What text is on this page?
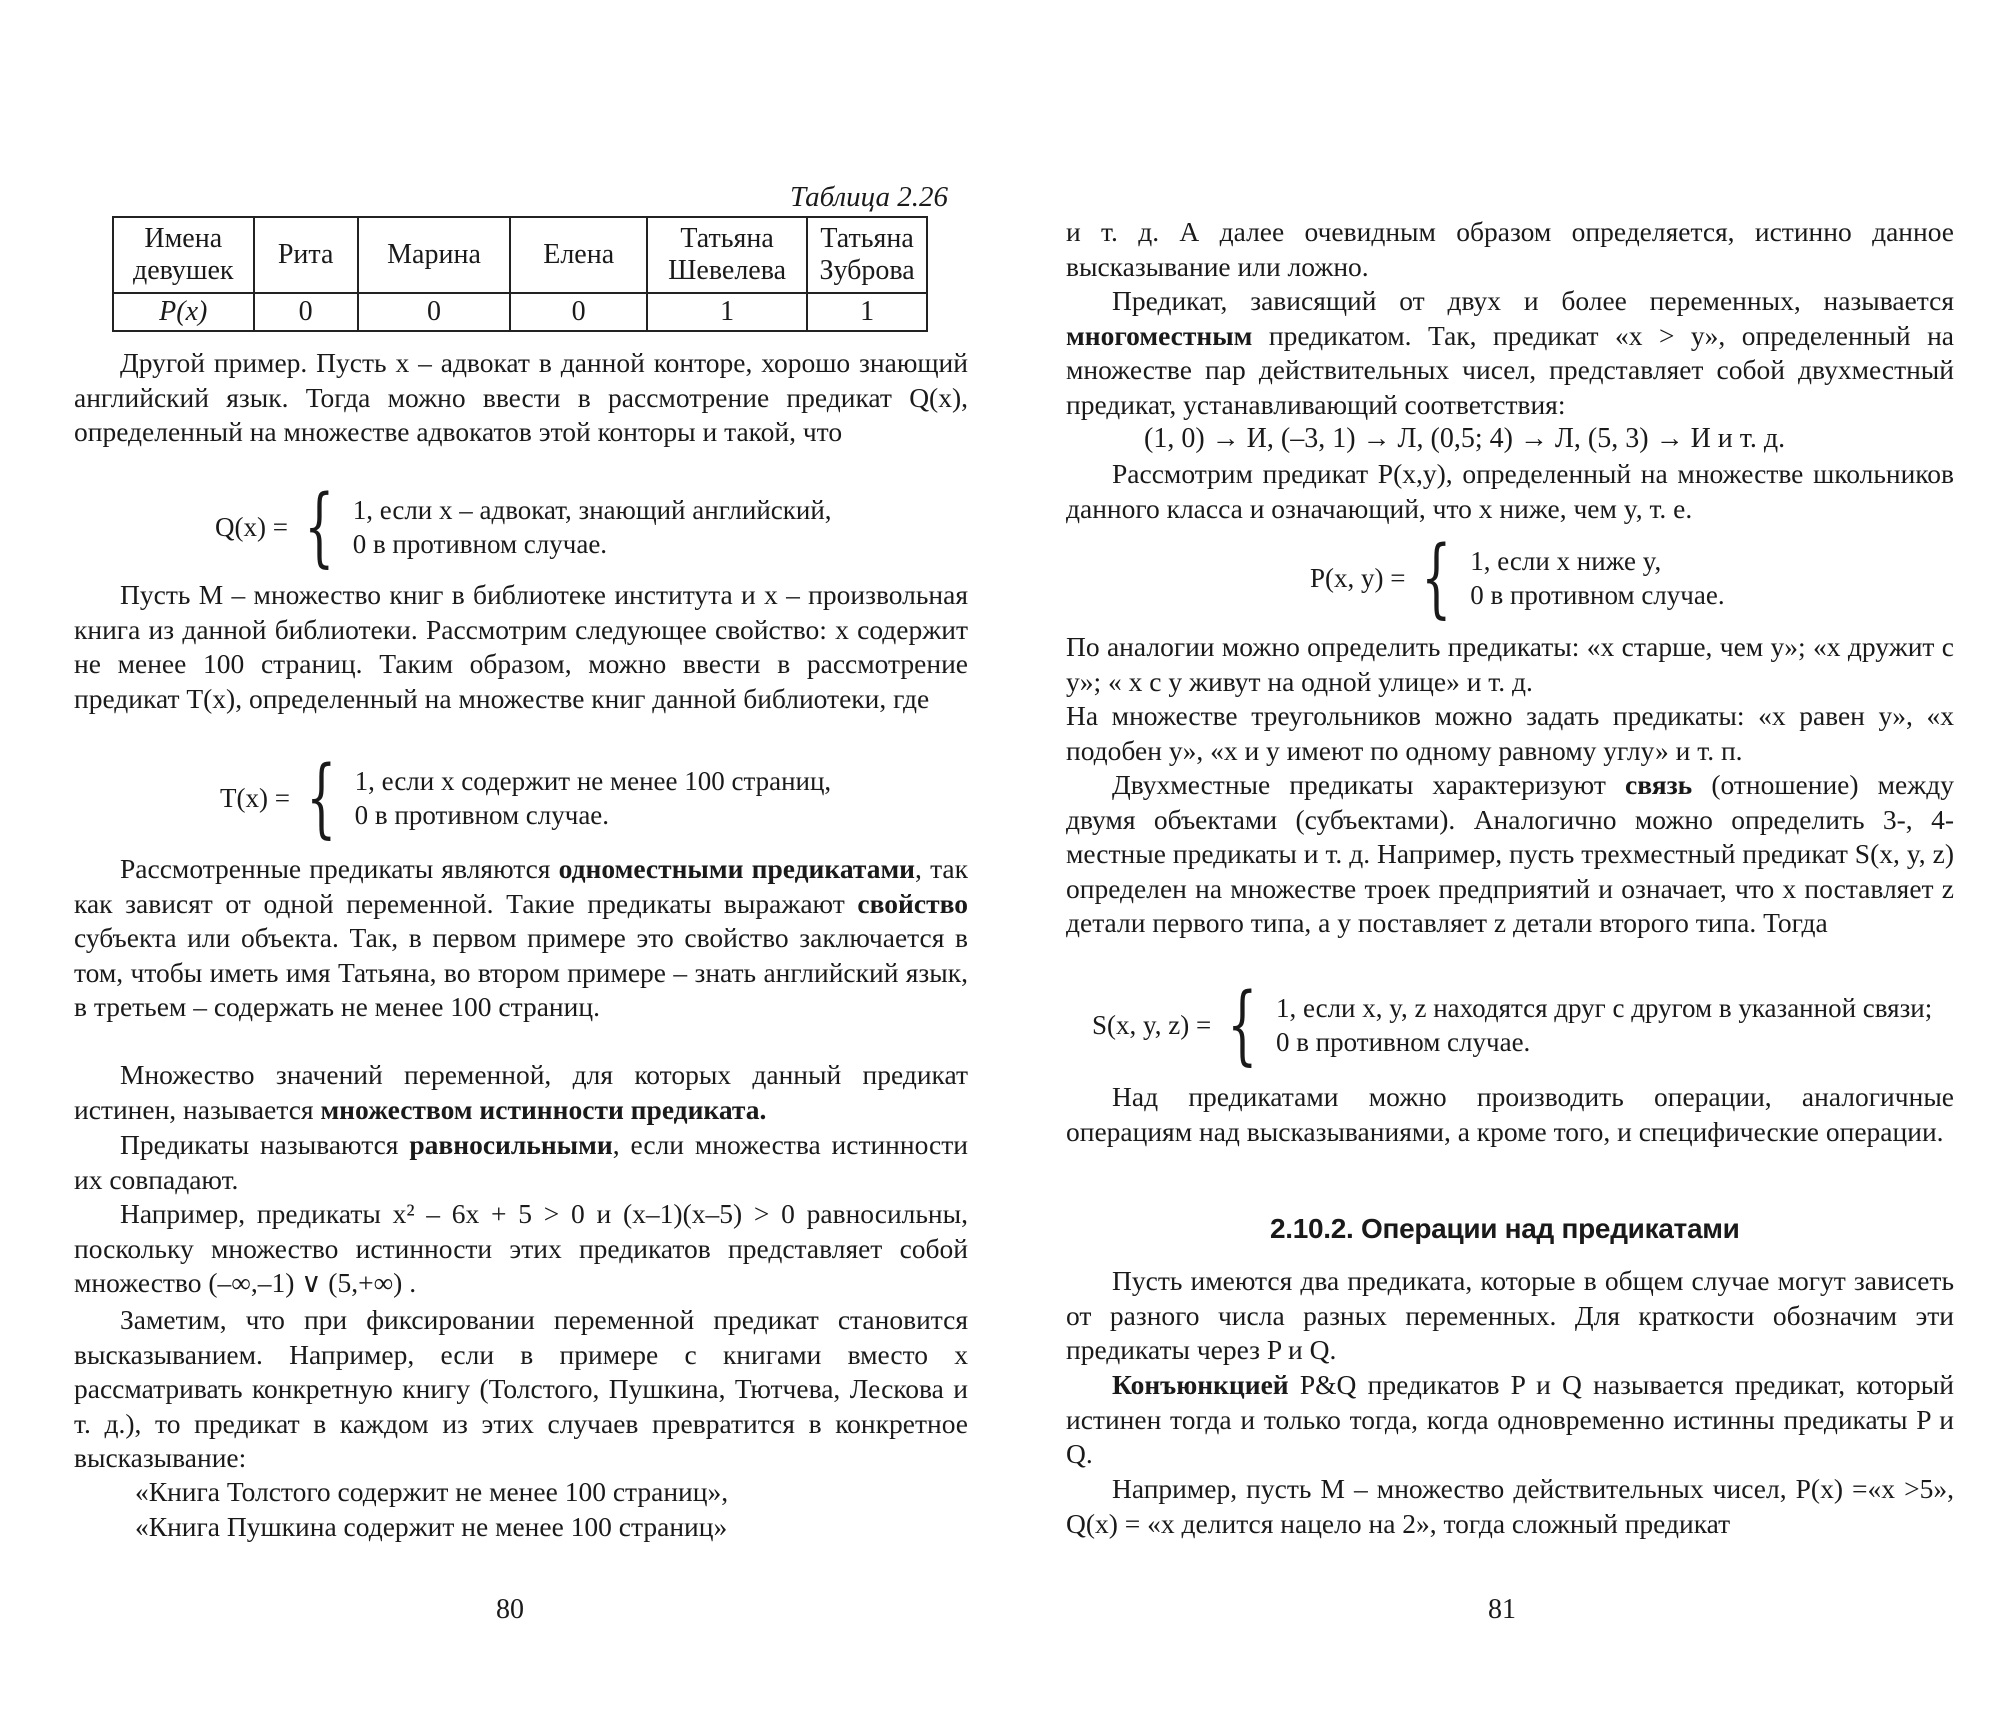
Таблица 2.26
Имена девушек	Рита	Марина	Елена	Татьяна Шевелева	Татьяна Зуброва
P(x)	0	0	0	1	1

Другой пример. Пусть x – адвокат в данной конторе, хорошо знающий английский язык. Тогда можно ввести в рассмотрение предикат Q(x), определенный на множестве адвокатов этой конторы и такой, что

Q(x) = { 1, если x – адвокат, знающий английский,
0 в противном случае.

Пусть M – множество книг в библиотеке института и x – произвольная книга из данной библиотеки. Рассмотрим следующее свойство: x содержит не менее 100 страниц. Таким образом, можно ввести в рассмотрение предикат T(x), определенный на множестве книг данной библиотеки, где

T(x) = { 1, если x содержит не менее 100 страниц,
0 в противном случае.

Рассмотренные предикаты являются одноместными предикатами, так как зависят от одной переменной. Такие предикаты выражают свойство субъекта или объекта. Так, в первом примере это свойство заключается в том, чтобы иметь имя Татьяна, во втором примере – знать английский язык, в третьем – содержать не менее 100 страниц.

Множество значений переменной, для которых данный предикат истинен, называется множеством истинности предиката.

Предикаты называются равносильными, если множества истинности их совпадают.

Например, предикаты x² – 6x + 5 > 0 и (x–1)(x–5) > 0 равносильны, поскольку множество истинности этих предикатов представляет собой множество (–∞,–1) ∨ (5,+∞) .

Заметим, что при фиксировании переменной предикат становится высказыванием. Например, если в примере с книгами вместо x рассматривать конкретную книгу (Толстого, Пушкина, Тютчева, Лескова и т. д.), то предикат в каждом из этих случаев превратится в конкретное высказывание:

«Книга Толстого содержит не менее 100 страниц»,
«Книга Пушкина содержит не менее 100 страниц»
80

и т. д. А далее очевидным образом определяется, истинно данное высказывание или ложно.

Предикат, зависящий от двух и более переменных, называется многоместным предикатом. Так, предикат «x > y», определенный на множестве пар действительных чисел, представляет собой двухместный предикат, устанавливающий соответствия:

(1, 0) → И, (–3, 1) → Л, (0,5; 4) → Л, (5, 3) → И и т. д.

Рассмотрим предикат P(x,y), определенный на множестве школьников данного класса и означающий, что x ниже, чем y, т. е.

P(x, y) = { 1, если x ниже y,
0 в противном случае.

По аналогии можно определить предикаты: «x старше, чем y»; «x дружит с y»; « x с y живут на одной улице» и т. д.

На множестве треугольников можно задать предикаты: «x равен y», «x подобен y», «x и y имеют по одному равному углу» и т. п.

Двухместные предикаты характеризуют связь (отношение) между двумя объектами (субъектами). Аналогично можно определить 3-, 4-местные предикаты и т. д. Например, пусть трехместный предикат S(x, y, z) определен на множестве троек предприятий и означает, что x поставляет z детали первого типа, а y поставляет z детали второго типа. Тогда

S(x, y, z) = { 1, если x, y, z находятся друг с другом в указанной связи;
0 в противном случае.

Над предикатами можно производить операции, аналогичные операциям над высказываниями, а кроме того, и специфические операции.

2.10.2. Операции над предикатами

Пусть имеются два предиката, которые в общем случае могут зависеть от разного числа разных переменных. Для краткости обозначим эти предикаты через P и Q.

Конъюнкцией P&Q предикатов P и Q называется предикат, который истинен тогда и только тогда, когда одновременно истинны предикаты P и Q.

Например, пусть M – множество действительных чисел, P(x) =«x >5», Q(x) = «x делится нацело на 2», тогда сложный предикат

81
